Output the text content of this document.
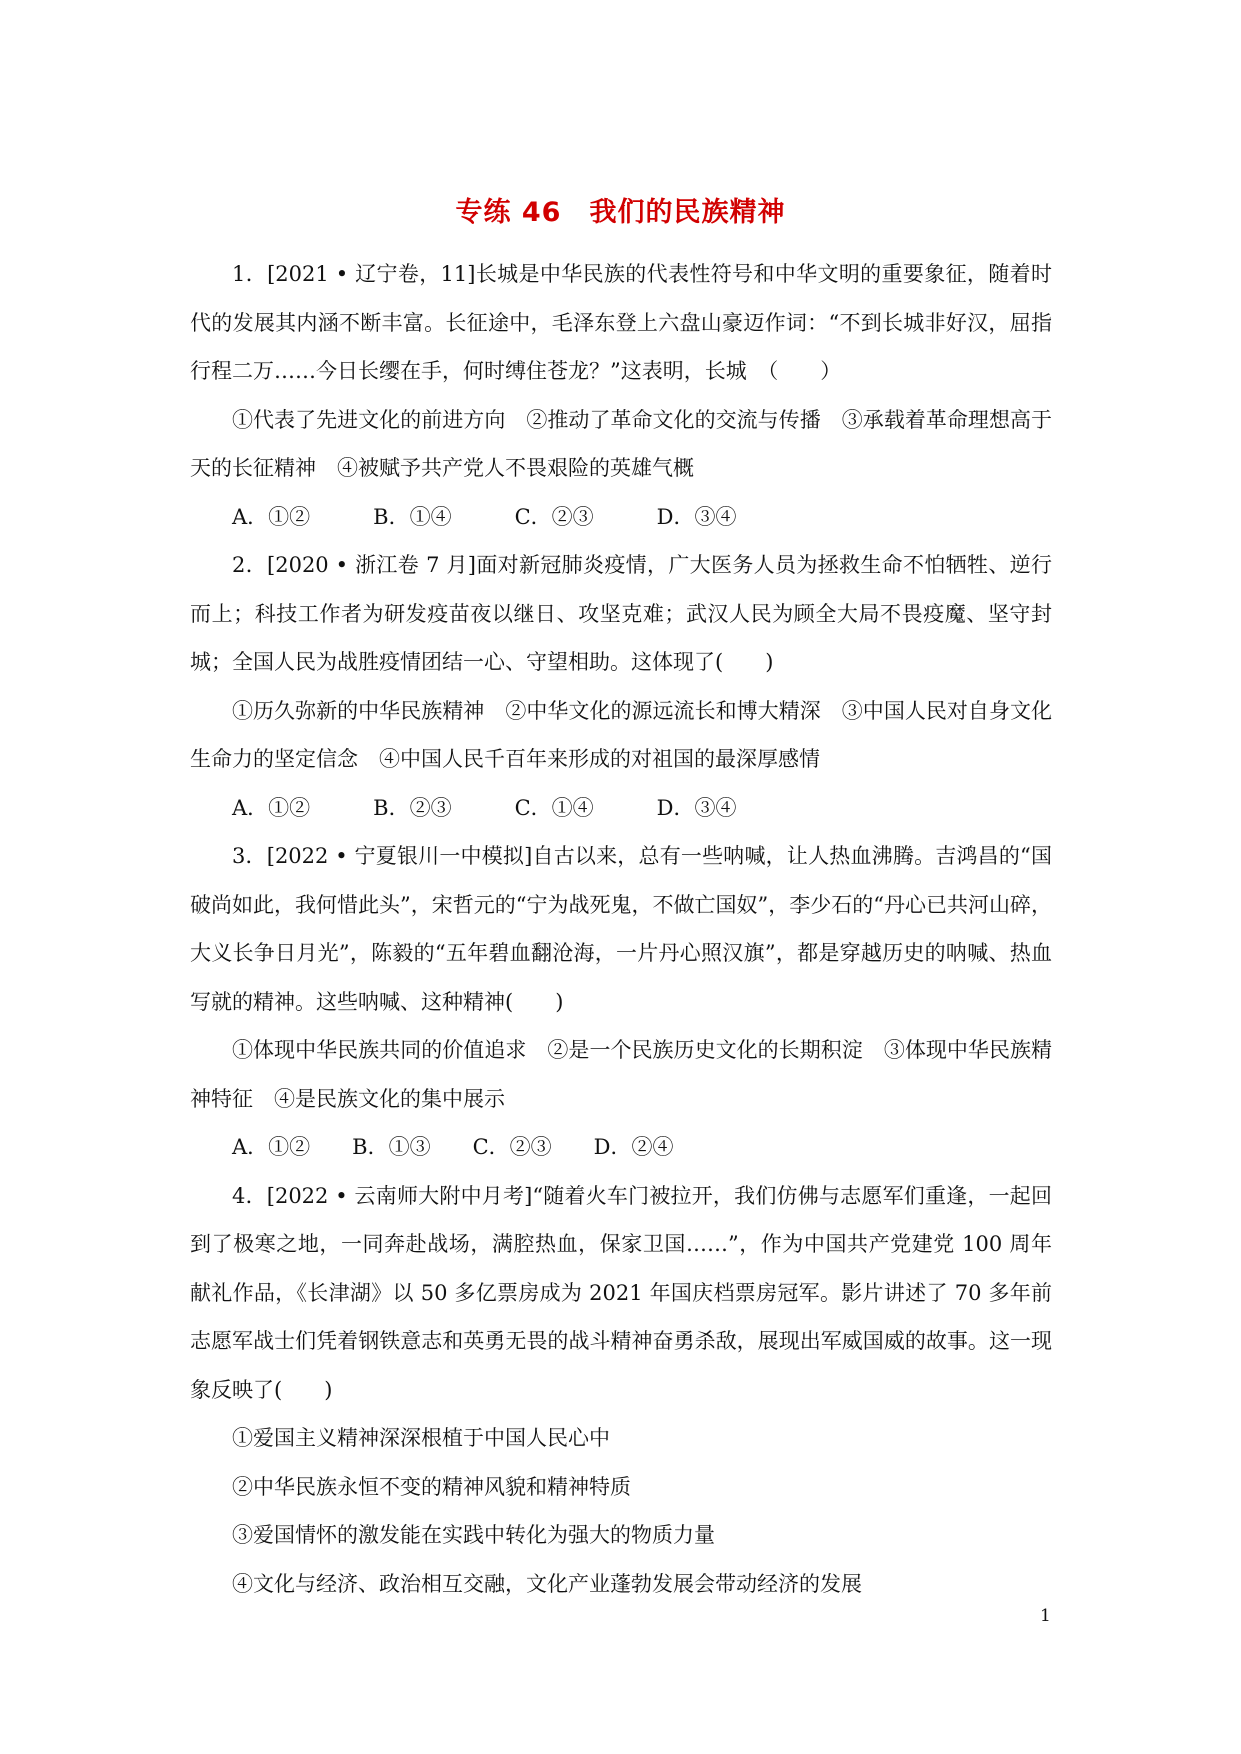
专练 46　我们的民族精神

1．[2021 • 辽宁卷，11]长城是中华民族的代表性符号和中华文明的重要象征，随着时代的发展其内涵不断丰富。长征途中，毛泽东登上六盘山豪迈作词：“不到长城非好汉，屈指行程二万……今日长缨在手，何时缚住苍龙？”这表明，长城　（　　）

①代表了先进文化的前进方向　②推动了革命文化的交流与传播　③承载着革命理想高于天的长征精神　④被赋予共产党人不畏艰险的英雄气概

A．①②　　　B．①④　　　C．②③　　　D．③④

2．[2020 • 浙江卷 7 月]面对新冠肺炎疫情，广大医务人员为拯救生命不怕牺牲、逆行而上；科技工作者为研发疫苗夜以继日、攻坚克难；武汉人民为顾全大局不畏疫魔、坚守封城；全国人民为战胜疫情团结一心、守望相助。这体现了(　　)

①历久弥新的中华民族精神　②中华文化的源远流长和博大精深　③中国人民对自身文化生命力的坚定信念　④中国人民千百年来形成的对祖国的最深厚感情

A．①②　　　B．②③　　　C．①④　　　D．③④

3．[2022 • 宁夏银川一中模拟]自古以来，总有一些呐喊，让人热血沸腾。吉鸿昌的“国破尚如此，我何惜此头”，宋哲元的“宁为战死鬼，不做亡国奴”，李少石的“丹心已共河山碎，大义长争日月光”，陈毅的“五年碧血翻沧海，一片丹心照汉旗”，都是穿越历史的呐喊、热血写就的精神。这些呐喊、这种精神(　　)

①体现中华民族共同的价值追求　②是一个民族历史文化的长期积淀　③体现中华民族精神特征　④是民族文化的集中展示

A．①②　　B．①③　　C．②③　　D．②④

4．[2022 • 云南师大附中月考]“随着火车门被拉开，我们仿佛与志愿军们重逢，一起回到了极寒之地，一同奔赴战场，满腔热血，保家卫国……”，作为中国共产党建党 100 周年献礼作品，《长津湖》以 50 多亿票房成为 2021 年国庆档票房冠军。影片讲述了 70 多年前志愿军战士们凭着钢铁意志和英勇无畏的战斗精神奋勇杀敌，展现出军威国威的故事。这一现象反映了(　　)

①爱国主义精神深深根植于中国人民心中

②中华民族永恒不变的精神风貌和精神特质

③爱国情怀的激发能在实践中转化为强大的物质力量

④文化与经济、政治相互交融，文化产业蓬勃发展会带动经济的发展

1
